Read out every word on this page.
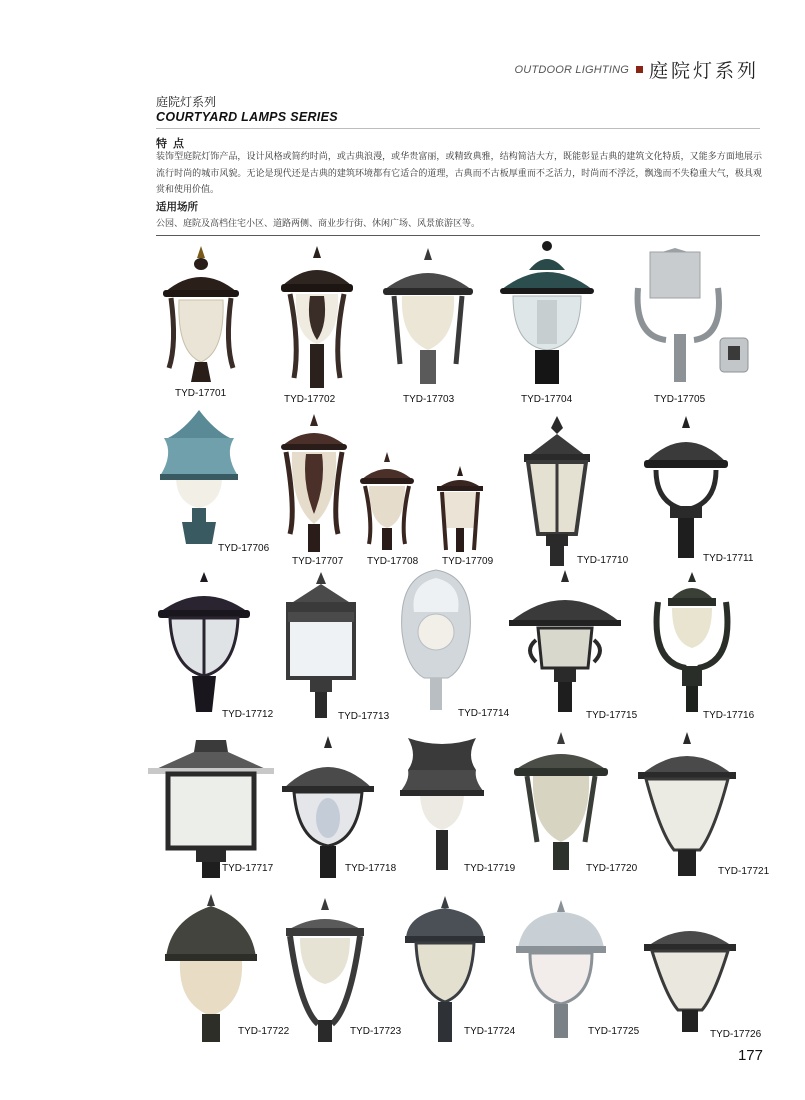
OUTDOOR LIGHTING 庭院灯系列
庭院灯系列
COURTYARD LAMPS SERIES
特点
装饰型庭院灯饰产品，设计风格或简约时尚，或古典浪漫，或华贵富丽，或精致典雅，结构简洁大方，既能彰显古典的建筑文化特质，又能多方面地展示流行时尚的城市风貌。无论是现代还是古典的建筑环境都有它适合的道理，古典而不古板厚重而不乏活力，时尚而不浮泛，飘逸而不失稳重大气，极具观赏和使用价值。
适用场所
公园、庭院及高档住宅小区、道路两侧、商业步行街、休闲广场、风景旅游区等。
TYD-17701
TYD-17702	TYD-17703	TYD-17704	TYD-17705
TYD-17706
TYD-17707 TYD-17708 TYD-17709	TYD-17710	TYD-17711
TYD-17712	TYD-17713	TYD-17714	TYD-17715	TYD-17716
TYD-17717	TYD-17718	TYD-17719	TYD-17720	TYD-17721
TYD-17722	TYD-17723	TYD-17724	TYD-17725	TYD-17726
177
